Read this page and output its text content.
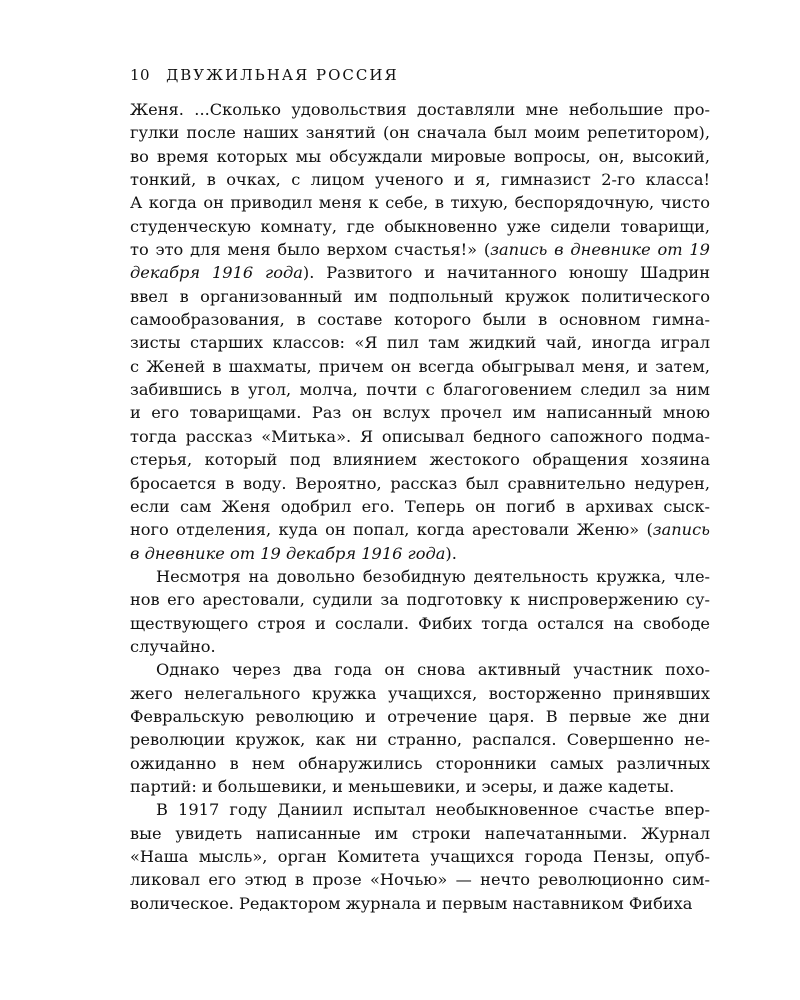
10 ДВУЖИЛЬНАЯ РОССИЯ

Женя. ...Сколько удовольствия доставляли мне небольшие про-
гулки после наших занятий (он сначала был моим репетитором),
во время которых мы обсуждали мировые вопросы, он, высокий,
тонкий, в очках, с лицом ученого и я, гимназист 2-го класса!
А когда он приводил меня к себе, в тихую, беспорядочную, чисто
студенческую комнату, где обыкновенно уже сидели товарищи,
то это для меня было верхом счастья!» (запись в дневнике от 19
декабря 1916 года). Развитого и начитанного юношу Шадрин
ввел в организованный им подпольный кружок политического
самообразования, в составе которого были в основном гимна-
зисты старших классов: «Я пил там жидкий чай, иногда играл
с Женей в шахматы, причем он всегда обыгрывал меня, и затем,
забившись в угол, молча, почти с благоговением следил за ним
и его товарищами. Раз он вслух прочел им написанный мною
тогда рассказ «Митька». Я описывал бедного сапожного подма-
стерья, который под влиянием жестокого обращения хозяина
бросается в воду. Вероятно, рассказ был сравнительно недурен,
если сам Женя одобрил его. Теперь он погиб в архивах сыск-
ного отделения, куда он попал, когда арестовали Женю» (запись
в дневнике от 19 декабря 1916 года).

Несмотря на довольно безобидную деятельность кружка, чле-
нов его арестовали, судили за подготовку к ниспровержению су-
ществующего строя и сослали. Фибих тогда остался на свободе
случайно.

Однако через два года он снова активный участник похо-
жего нелегального кружка учащихся, восторженно принявших
Февральскую революцию и отречение царя. В первые же дни
революции кружок, как ни странно, распался. Совершенно не-
ожиданно в нем обнаружились сторонники самых различных
партий: и большевики, и меньшевики, и эсеры, и даже кадеты.

В 1917 году Даниил испытал необыкновенное счастье впер-
вые увидеть написанные им строки напечатанными. Журнал
«Наша мысль», орган Комитета учащихся города Пензы, опуб-
ликовал его этюд в прозе «Ночью» — нечто революционно сим-
волическое. Редактором журнала и первым наставником Фибиха
